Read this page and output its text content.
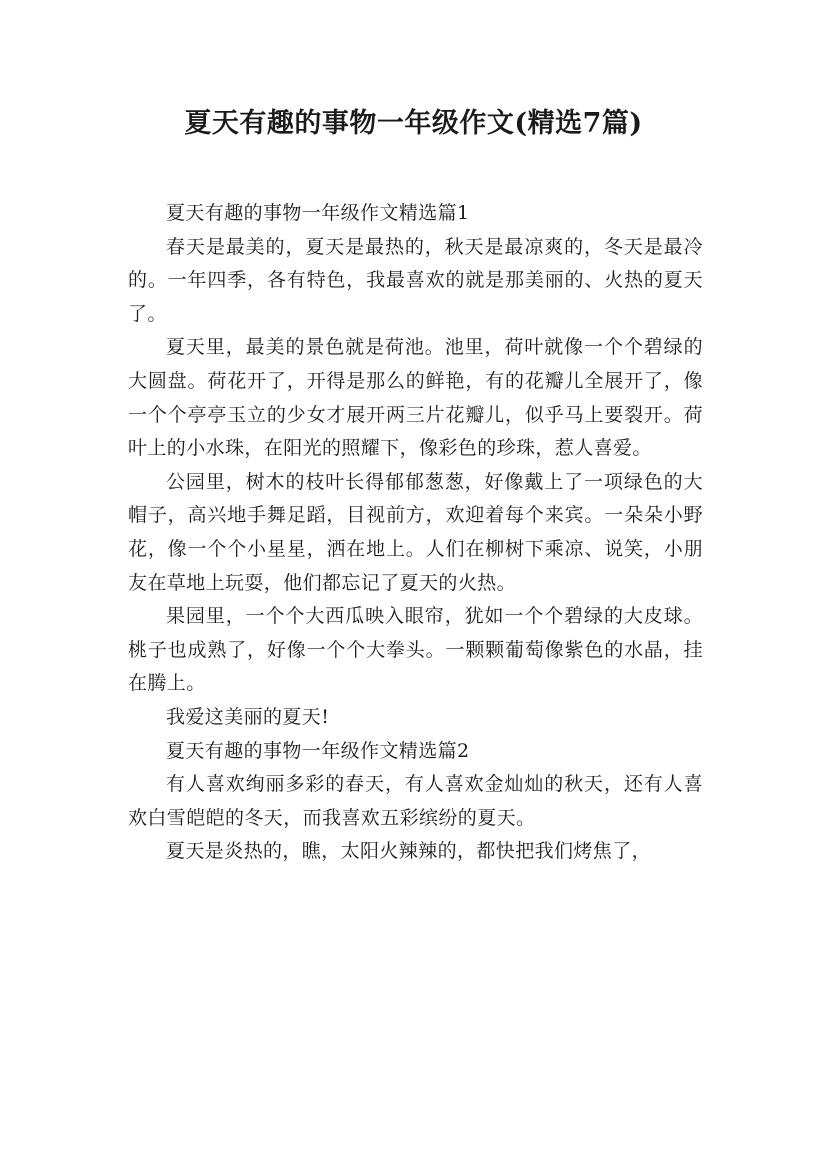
夏天有趣的事物一年级作文(精选7篇)

夏天有趣的事物一年级作文精选篇1

春天是最美的，夏天是最热的，秋天是最凉爽的，冬天是最冷的。一年四季，各有特色，我最喜欢的就是那美丽的、火热的夏天了。

夏天里，最美的景色就是荷池。池里，荷叶就像一个个碧绿的大圆盘。荷花开了，开得是那么的鲜艳，有的花瓣儿全展开了，像一个个亭亭玉立的少女才展开两三片花瓣儿，似乎马上要裂开。荷叶上的小水珠，在阳光的照耀下，像彩色的珍珠，惹人喜爱。

公园里，树木的枝叶长得郁郁葱葱，好像戴上了一项绿色的大帽子，高兴地手舞足蹈，目视前方，欢迎着每个来宾。一朵朵小野花，像一个个小星星，洒在地上。人们在柳树下乘凉、说笑，小朋友在草地上玩耍，他们都忘记了夏天的火热。

果园里，一个个大西瓜映入眼帘，犹如一个个碧绿的大皮球。桃子也成熟了，好像一个个大拳头。一颗颗葡萄像紫色的水晶，挂在腾上。

我爱这美丽的夏天!

夏天有趣的事物一年级作文精选篇2

有人喜欢绚丽多彩的春天，有人喜欢金灿灿的秋天，还有人喜欢白雪皑皑的冬天，而我喜欢五彩缤纷的夏天。

夏天是炎热的，瞧，太阳火辣辣的，都快把我们烤焦了，
